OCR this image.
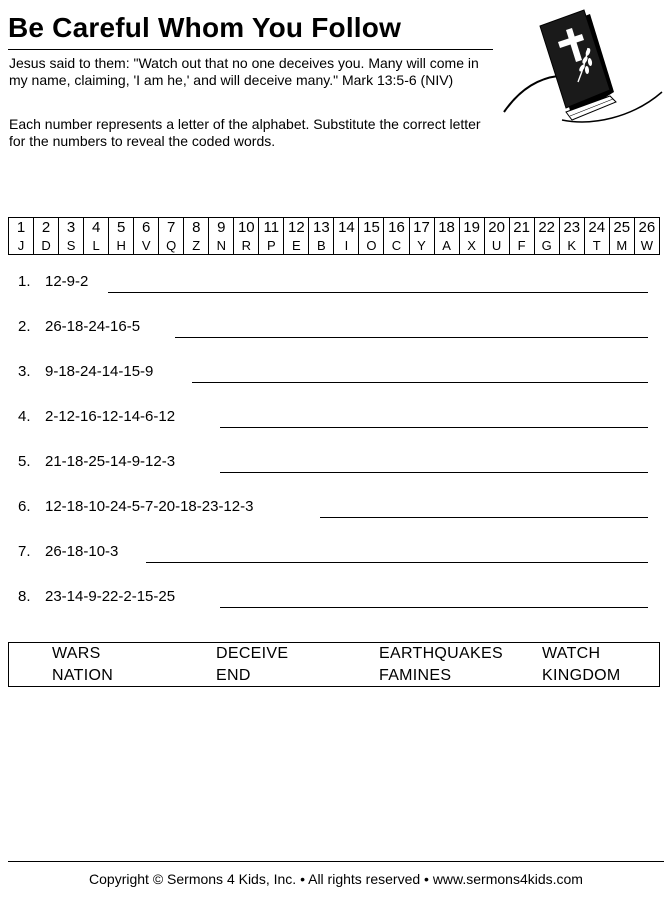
Be Careful Whom You Follow
Jesus said to them: "Watch out that no one deceives you. Many will come in my name, claiming, 'I am he,' and will deceive many." Mark 13:5-6 (NIV)
Each number represents a letter of the alphabet. Substitute the correct letter for the numbers to reveal the coded words.
1	2	3	4	5	6	7	8	9	10	11	12	13	14	15	16	17	18	19	20	21	22	23	24	25	26
J	D	S	L	H	V	Q	Z	N	R	P	E	B	I	O	C	Y	A	X	U	F	G	K	T	M	W
1. 12-9-2
2. 26-18-24-16-5
3. 9-18-24-14-15-9
4. 2-12-16-12-14-6-12
5. 21-18-25-14-9-12-3
6. 12-18-10-24-5-7-20-18-23-12-3
7. 26-18-10-3
8. 23-14-9-22-2-15-25
WARS	DECEIVE	EARTHQUAKES WATCH
NATION	END	FAMINES	KINGDOM
Copyright © Sermons 4 Kids, Inc. • All rights reserved • www.sermons4kids.com
